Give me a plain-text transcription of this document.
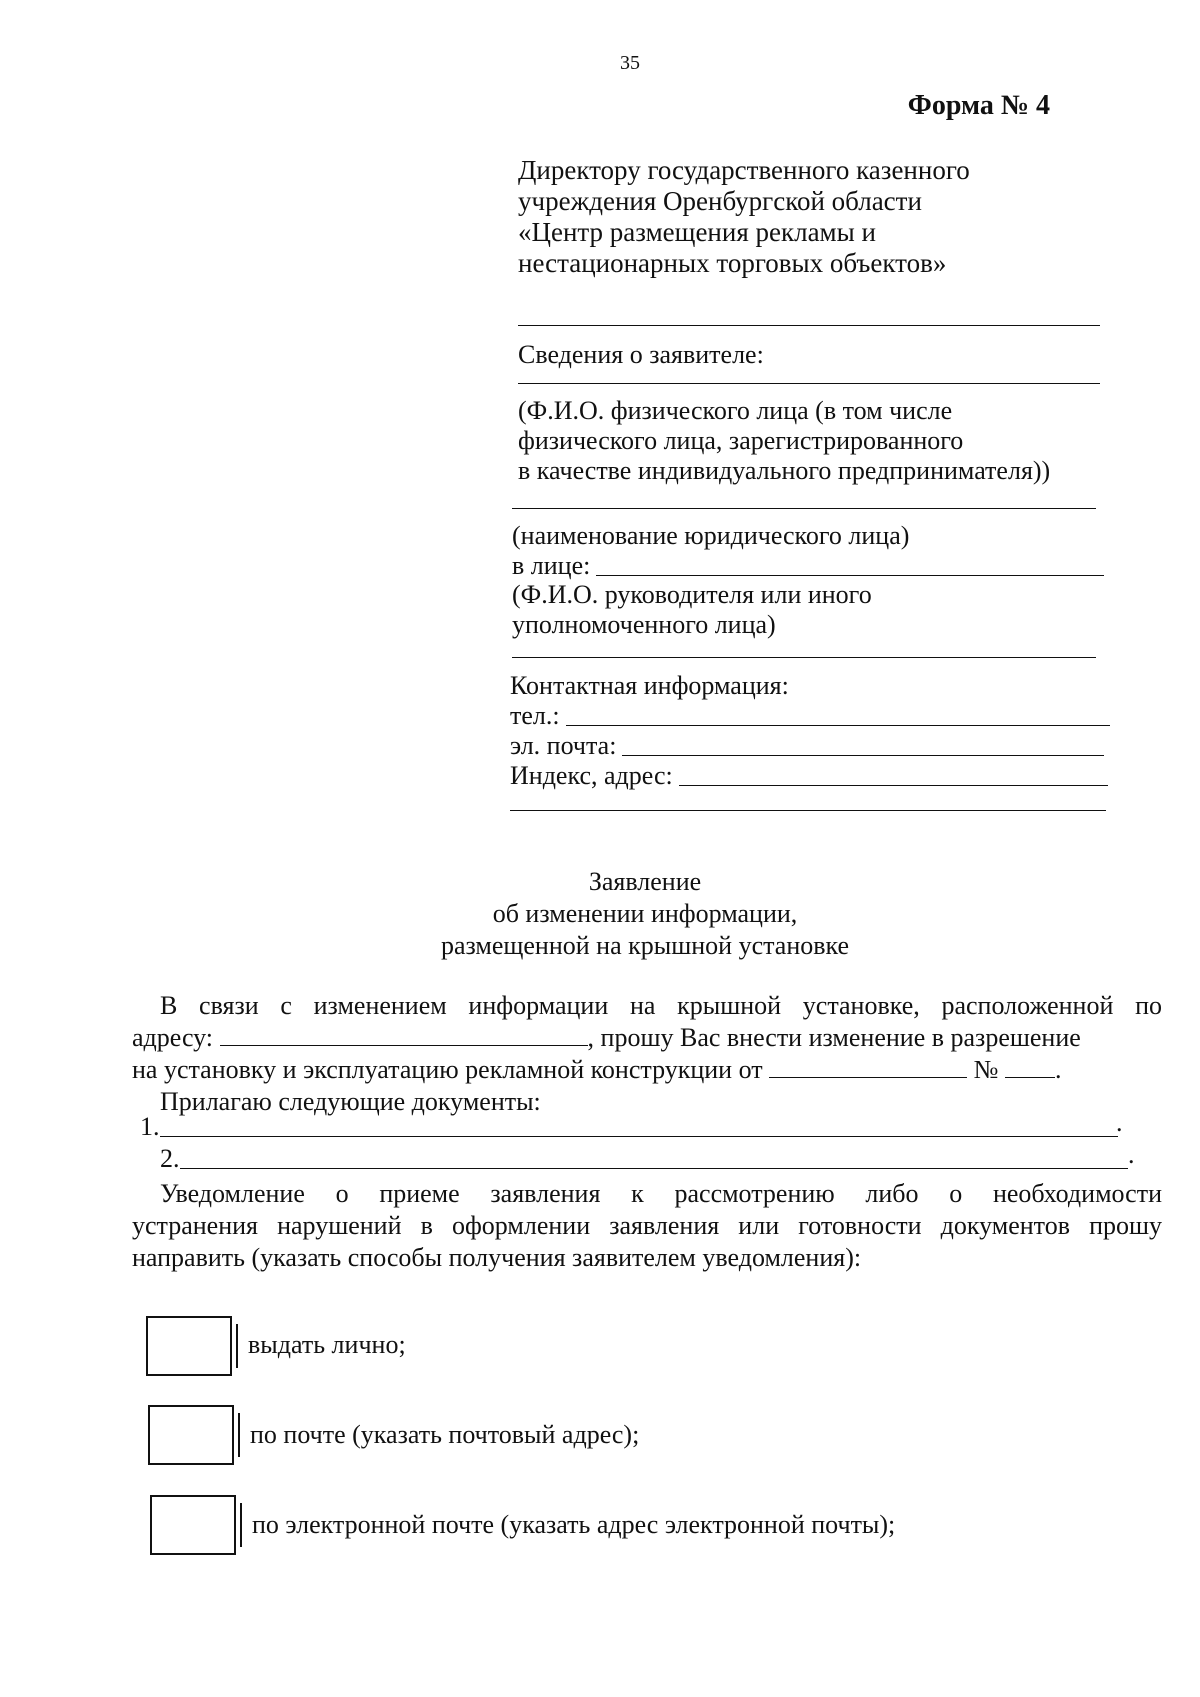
35
Форма № 4
Директору государственного казенного
учреждения Оренбургской области
«Центр размещения рекламы и
нестационарных торговых объектов»
Сведения о заявителе:
(Ф.И.О. физического лица (в том числе
физического лица, зарегистрированного
в качестве индивидуального предпринимателя))
(наименование юридического лица)
в лице:
(Ф.И.О. руководителя или иного
уполномоченного лица)
Контактная информация:
тел.:
эл. почта:
Индекс, адрес:
Заявление
об изменении информации,
размещенной на крышной установке
В связи с изменением информации на крышной установке, расположенной по
адресу:	, прошу Вас внести изменение в разрешение
на установку и эксплуатацию рекламной конструкции от	№ .
Прилагаю следующие документы:
1.	.
2.	.
Уведомление о приеме заявления к рассмотрению либо о необходимости
устранения нарушений в оформлении заявления или готовности документов прошу
направить (указать способы получения заявителем уведомления):
выдать лично;
по почте (указать почтовый адрес);
по электронной почте (указать адрес электронной почты);
